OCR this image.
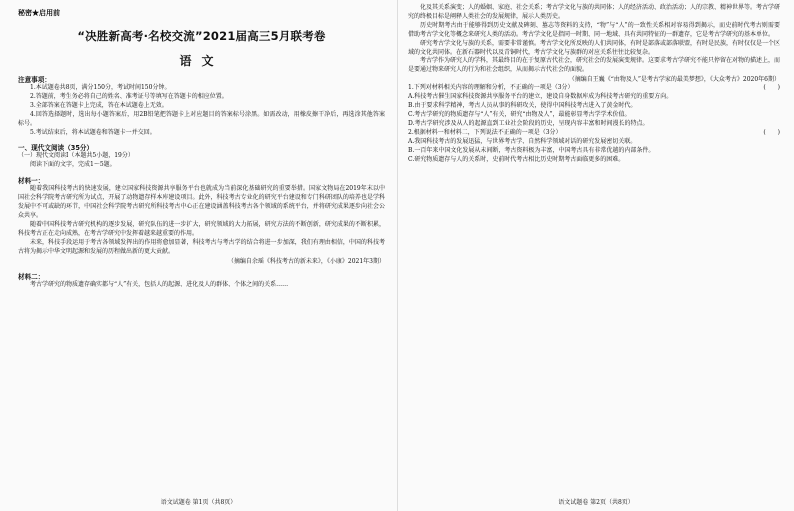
秘密★启用前
“决胜新高考·名校交流”2021届高三5月联考卷
语文
注意事项：

1.本试题卷共8页，满分150分，考试时间150分钟。

2.答题前，考生务必将自己的姓名、准考证号等填写在答题卡的相应位置。

3.全部答案在答题卡上完成，答在本试题卷上无效。

4.回答选择题时，选出每小题答案后，用2B铅笔把答题卡上对应题目的答案标号涂黑。如需改动，用橡皮擦干净后，再选涂其他答案标号。

5.考试结束后，将本试题卷和答题卡一并交回。

一、现代文阅读（35分）

（一）现代文阅读Ⅰ（本题共5小题，19分）

阅读下面的文字，完成1～5题。

材料一：

随着我国科技考古的快速发展，建立国家科技资源共享服务平台也就成为当前深化基础研究的重要举措。国家文物局在2019年末以中国社会科学院考古研究所为试点，开展了动物遗存样本库建设项目。此外，科技考古专业化的研究平台建设和专门科研团队的培养也是学科发展中不可或缺的环节，中国社会科学院考古研究所科技考古中心正在建设涵盖科技考古各个领域的系统平台，并将研究成果逐步向社会公众共享。

随着中国科技考古研究机构的逐步发展，研究队伍的进一步扩大，研究领域的大力拓展，研究方法的不断创新，研究成果的不断积累，科技考古正在走向成熟，在考古学研究中发挥着越来越重要的作用。

未来，科技手段运用于考古各领域发挥出的作用将愈加显著，科技考古与考古学的结合将进一步加深，我们有理由相信，中国的科技考古将为揭示中华文明起源和发展的历程做出新的更大贡献。

（摘编自余瑶《科技考古的新未来》，《小康》2021年3期）

材料二：

考古学研究的物质遗存确实都与“人”有关，包括人的起源、进化及人的群体、个体之间的关系……

语文试题卷 第1页（共8页）

化及其关系演变；人的婚姻、家庭、社会关系；考古学文化与族的共同体；人的经济活动、政治活动；人的宗教、精神世界等。考古学研究的终极目标是阐释人类社会的发展规律，展示人类历史。

历史时期考古由于能够得到历史文献及碑刻、墓志等资料的支持，“物”与“人”的一致性关系相对容易得到揭示，而史前时代考古则需要借助考古学文化等概念来研究人类的活动。考古学文化是指同一时期、同一地域、具有共同特征的一群遗存，它是考古学研究的基本单位。

研究考古学文化与族的关系，需要非常谨慎。考古学文化所反映的人们共同体，有时是部落或部落联盟，有时是民族，有时仅仅是一个区域的文化共同体。在新石器时代以及青铜时代，考古学文化与族群的对应关系往往比较复杂。

考古学作为研究人的学科，其最终目的在于复原古代社会，研究社会的发展演变规律。这要求考古学研究不能只停留在对物的描述上，而是要通过物来研究人的行为和社会组织，从而揭示古代社会的面貌。

（摘编自王巍《“由物及人”是考古学家的最美梦想》，《大众考古》2020年6期）

1.下列对材料相关内容的理解和分析，不正确的一项是（3分）	(　　)

A.科技考古催生国家科技资源共享服务平台的建立，建设自身数据库成为科技考古研究的重要方向。

B.由于要求科学精神，考古人员从事的科研攻关，使得中国科技考古进入了黄金时代。

C.考古学研究的物质遗存与“人”有关，研究“由物及人”，最能彰显考古学学术价值。

D.考古学研究涉及从人的起源直到工业社会阶段的历史，呈现内容丰富和时间漫长的特点。

2.根据材料一和材料二，下列说法不正确的一项是（3分）	(　　)

A.我国科技考古的发展迅猛，与世界考古学、自然科学领域对话的研究发展密切关联。

B.一百年来中国文化发展从未间断，考古资料极为丰富，中国考古具有非常优越的内部条件。

C.研究物质遗存与人的关系时，史前时代考古相比历史时期考古面临更多的困难。

语文试题卷 第2页（共8页）
